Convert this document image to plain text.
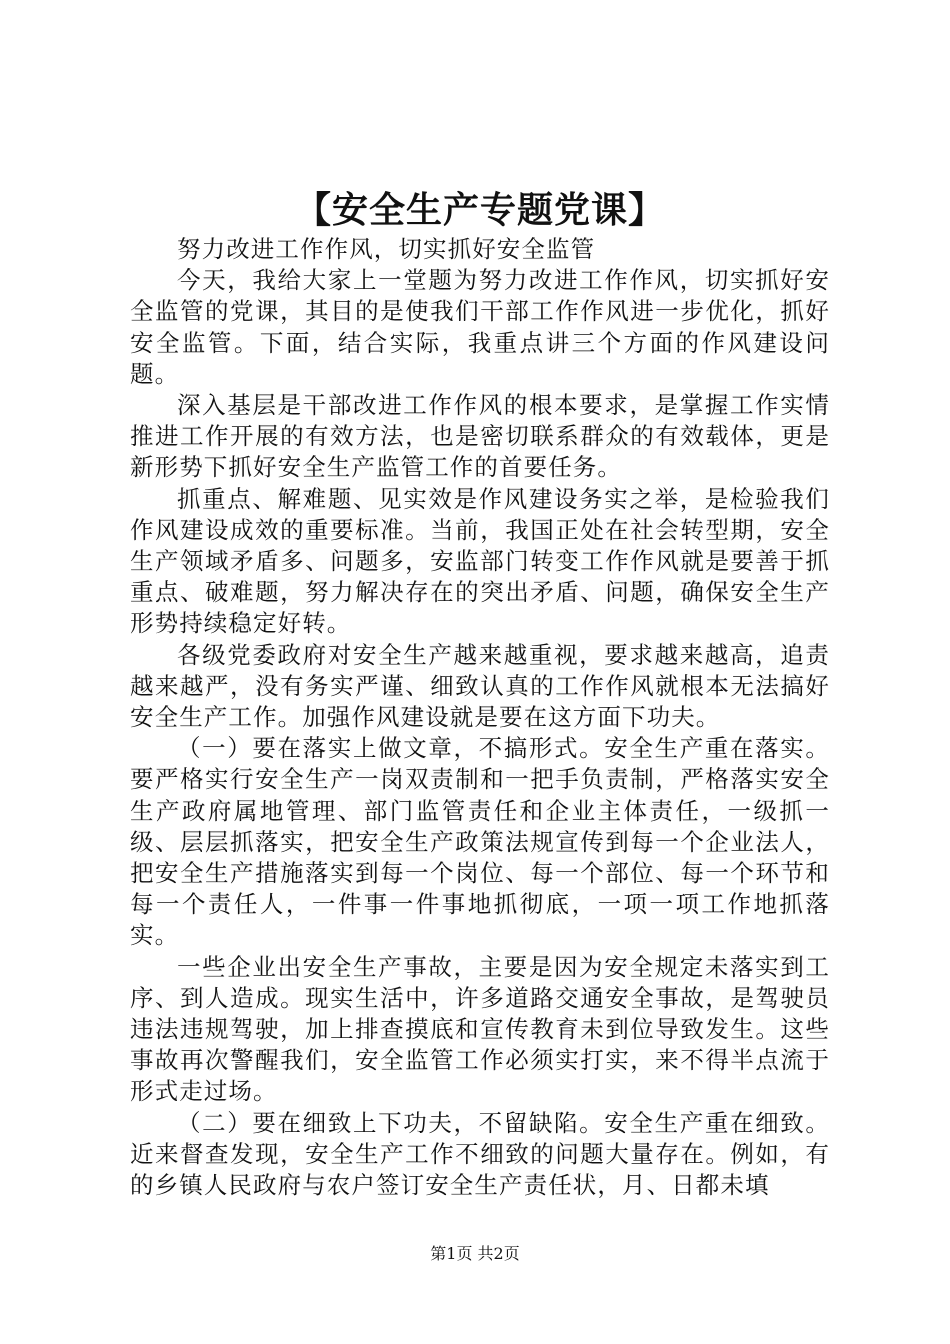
【安全生产专题党课】

努力改进工作作风，切实抓好安全监管

今天，我给大家上一堂题为努力改进工作作风，切实抓好安全监管的党课，其目的是使我们干部工作作风进一步优化，抓好安全监管。下面，结合实际，我重点讲三个方面的作风建设问题。

深入基层是干部改进工作作风的根本要求，是掌握工作实情推进工作开展的有效方法，也是密切联系群众的有效载体，更是新形势下抓好安全生产监管工作的首要任务。

抓重点、解难题、见实效是作风建设务实之举，是检验我们作风建设成效的重要标准。当前，我国正处在社会转型期，安全生产领域矛盾多、问题多，安监部门转变工作作风就是要善于抓重点、破难题，努力解决存在的突出矛盾、问题，确保安全生产形势持续稳定好转。

各级党委政府对安全生产越来越重视，要求越来越高，追责越来越严，没有务实严谨、细致认真的工作作风就根本无法搞好安全生产工作。加强作风建设就是要在这方面下功夫。

（一）要在落实上做文章，不搞形式。安全生产重在落实。要严格实行安全生产一岗双责制和一把手负责制，严格落实安全生产政府属地管理、部门监管责任和企业主体责任，一级抓一级、层层抓落实，把安全生产政策法规宣传到每一个企业法人，把安全生产措施落实到每一个岗位、每一个部位、每一个环节和每一个责任人，一件事一件事地抓彻底，一项一项工作地抓落实。

一些企业出安全生产事故，主要是因为安全规定未落实到工序、到人造成。现实生活中，许多道路交通安全事故，是驾驶员违法违规驾驶，加上排查摸底和宣传教育未到位导致发生。这些事故再次警醒我们，安全监管工作必须实打实，来不得半点流于形式走过场。

（二）要在细致上下功夫，不留缺陷。安全生产重在细致。近来督查发现，安全生产工作不细致的问题大量存在。例如，有的乡镇人民政府与农户签订安全生产责任状，月、日都未填

第1页 共2页
